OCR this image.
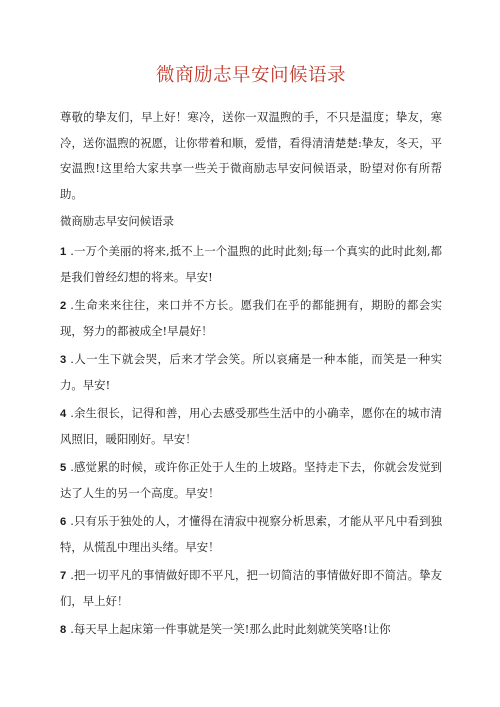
微商励志早安问候语录

尊敬的挚友们，早上好！寒冷，送你一双温煦的手，不只是温度；挚友，寒冷，送你温煦的祝愿，让你带着和顺，爱惜，看得清清楚楚:挚友，冬天，平安温煦!这里给大家共享一些关于微商励志早安问候语录，盼望对你有所帮助。

微商励志早安问候语录

1 .一万个美丽的将来,抵不上一个温煦的此时此刻;每一个真实的此时此刻,都是我们曾经幻想的将来。早安!
2 .生命来来往往，来口并不方长。愿我们在乎的都能拥有，期盼的都会实现，努力的都被成全!早晨好！
3 .人一生下就会哭，后来才学会笑。所以哀痛是一种本能，而笑是一种实力。早安!
4 .余生很长，记得和善，用心去感受那些生活中的小确幸，愿你在的城市清风照旧，暖阳刚好。早安！
5 .感觉累的时候，或许你正处于人生的上坡路。坚持走下去，你就会发觉到达了人生的另一个高度。早安！
6 .只有乐于独处的人，才懂得在清寂中视察分析思索，才能从平凡中看到独特，从慌乱中理出头绪。早安！
7 .把一切平凡的事情做好即不平凡，把一切简洁的事情做好即不简洁。挚友们，早上好！
8 .每天早上起床第一件事就是笑一笑!那么此时此刻就笑笑咯!让你
